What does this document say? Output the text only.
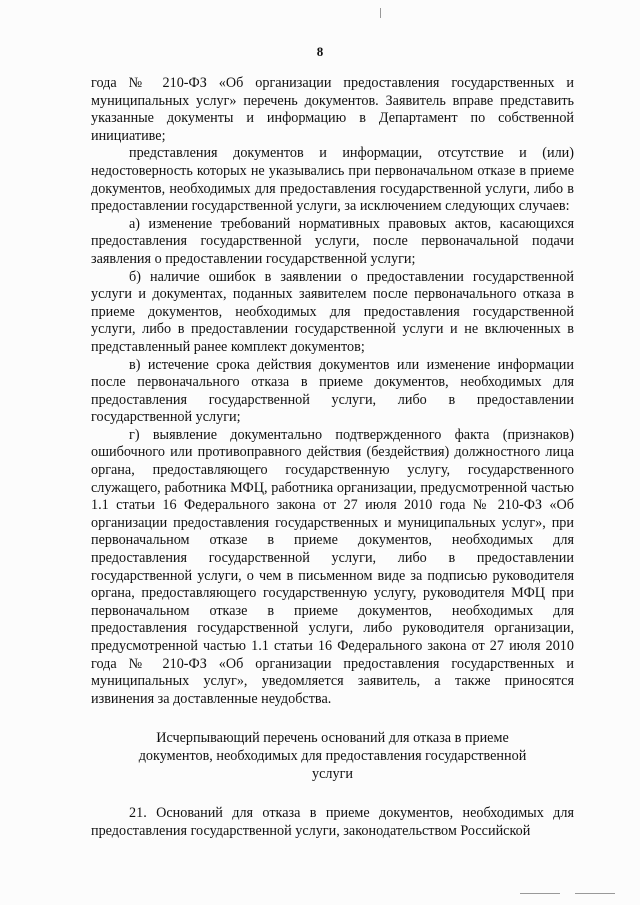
8

года № 210-ФЗ «Об организации предоставления государственных и муниципальных услуг» перечень документов. Заявитель вправе представить указанные документы и информацию в Департамент по собственной инициативе;

представления документов и информации, отсутствие и (или) недостоверность которых не указывались при первоначальном отказе в приеме документов, необходимых для предоставления государственной услуги, либо в предоставлении государственной услуги, за исключением следующих случаев:

а) изменение требований нормативных правовых актов, касающихся предоставления государственной услуги, после первоначальной подачи заявления о предоставлении государственной услуги;

б) наличие ошибок в заявлении о предоставлении государственной услуги и документах, поданных заявителем после первоначального отказа в приеме документов, необходимых для предоставления государственной услуги, либо в предоставлении государственной услуги и не включенных в представленный ранее комплект документов;

в) истечение срока действия документов или изменение информации после первоначального отказа в приеме документов, необходимых для предоставления государственной услуги, либо в предоставлении государственной услуги;

г) выявление документально подтвержденного факта (признаков) ошибочного или противоправного действия (бездействия) должностного лица органа, предоставляющего государственную услугу, государственного служащего, работника МФЦ, работника организации, предусмотренной частью 1.1 статьи 16 Федерального закона от 27 июля 2010 года № 210-ФЗ «Об организации предоставления государственных и муниципальных услуг», при первоначальном отказе в приеме документов, необходимых для предоставления государственной услуги, либо в предоставлении государственной услуги, о чем в письменном виде за подписью руководителя органа, предоставляющего государственную услугу, руководителя МФЦ при первоначальном отказе в приеме документов, необходимых для предоставления государственной услуги, либо руководителя организации, предусмотренной частью 1.1 статьи 16 Федерального закона от 27 июля 2010 года № 210-ФЗ «Об организации предоставления государственных и муниципальных услуг», уведомляется заявитель, а также приносятся извинения за доставленные неудобства.

Исчерпывающий перечень оснований для отказа в приеме документов, необходимых для предоставления государственной услуги

21. Оснований для отказа в приеме документов, необходимых для предоставления государственной услуги, законодательством Российской
